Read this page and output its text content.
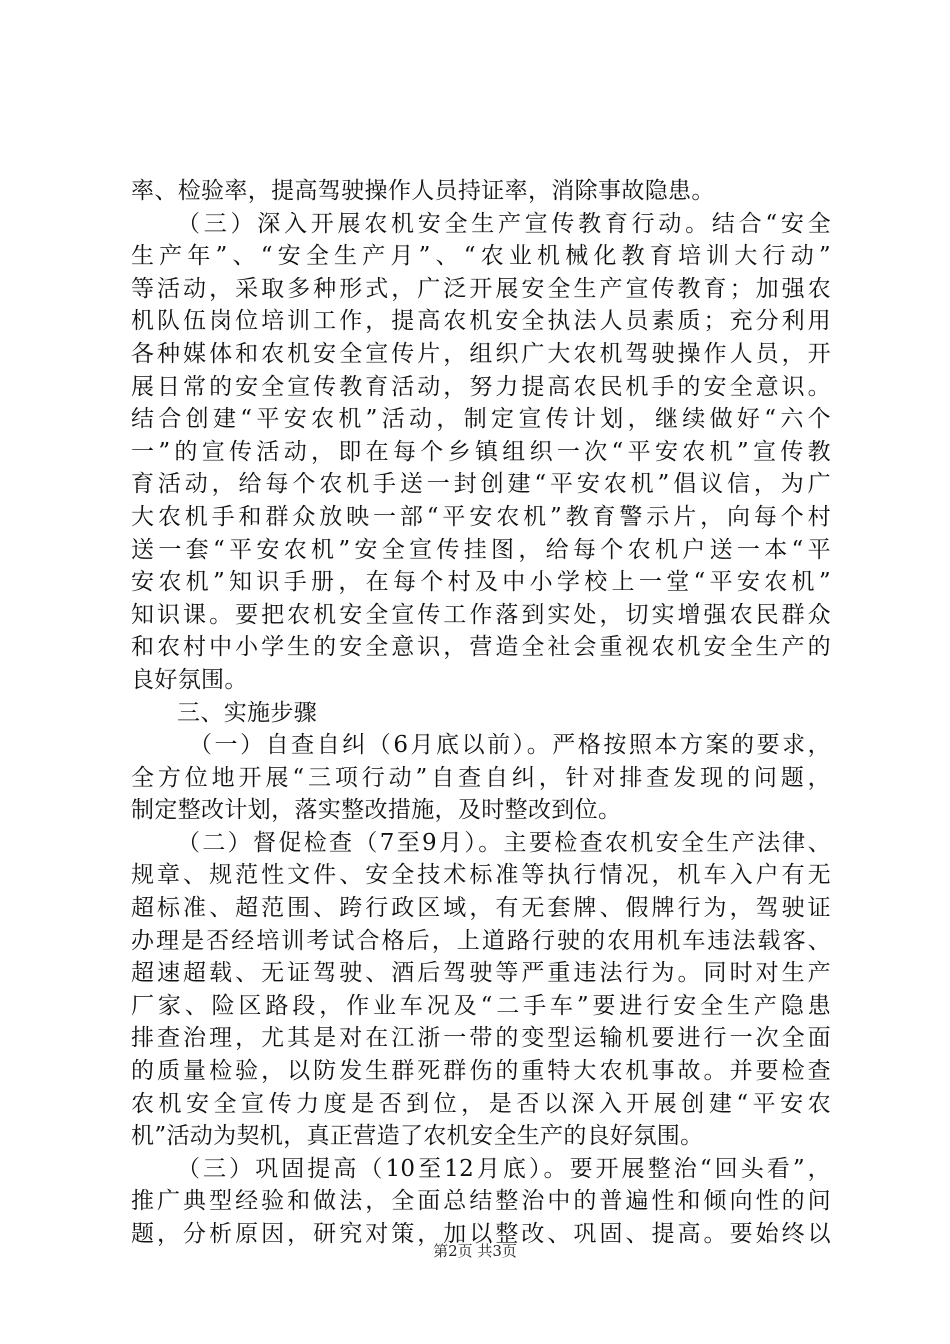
率、检验率，提高驾驶操作人员持证率，消除事故隐患。
（三）深入开展农机安全生产宣传教育行动。结合“安全
生产年”、“安全生产月”、“农业机械化教育培训大行动”
等活动，采取多种形式，广泛开展安全生产宣传教育；加强农
机队伍岗位培训工作，提高农机安全执法人员素质；充分利用
各种媒体和农机安全宣传片，组织广大农机驾驶操作人员，开
展日常的安全宣传教育活动，努力提高农民机手的安全意识。
结合创建“平安农机”活动，制定宣传计划，继续做好“六个
一”的宣传活动，即在每个乡镇组织一次“平安农机”宣传教
育活动，给每个农机手送一封创建“平安农机”倡议信，为广
大农机手和群众放映一部“平安农机”教育警示片，向每个村
送一套“平安农机”安全宣传挂图，给每个农机户送一本“平
安农机”知识手册，在每个村及中小学校上一堂“平安农机”
知识课。要把农机安全宣传工作落到实处，切实增强农民群众
和农村中小学生的安全意识，营造全社会重视农机安全生产的
良好氛围。
三、实施步骤
（一）自查自纠（6月底以前）。严格按照本方案的要求，
全方位地开展“三项行动”自查自纠，针对排查发现的问题，
制定整改计划，落实整改措施，及时整改到位。
（二）督促检查（7至9月）。主要检查农机安全生产法律、
规章、规范性文件、安全技术标准等执行情况，机车入户有无
超标准、超范围、跨行政区域，有无套牌、假牌行为，驾驶证
办理是否经培训考试合格后，上道路行驶的农用机车违法载客、
超速超载、无证驾驶、酒后驾驶等严重违法行为。同时对生产
厂家、险区路段，作业车况及“二手车”要进行安全生产隐患
排查治理，尤其是对在江浙一带的变型运输机要进行一次全面
的质量检验，以防发生群死群伤的重特大农机事故。并要检查
农机安全宣传力度是否到位，是否以深入开展创建“平安农
机”活动为契机，真正营造了农机安全生产的良好氛围。
（三）巩固提高（10至12月底）。要开展整治“回头看”，
推广典型经验和做法，全面总结整治中的普遍性和倾向性的问
题，分析原因，研究对策，加以整改、巩固、提高。要始终以
第2页 共3页
